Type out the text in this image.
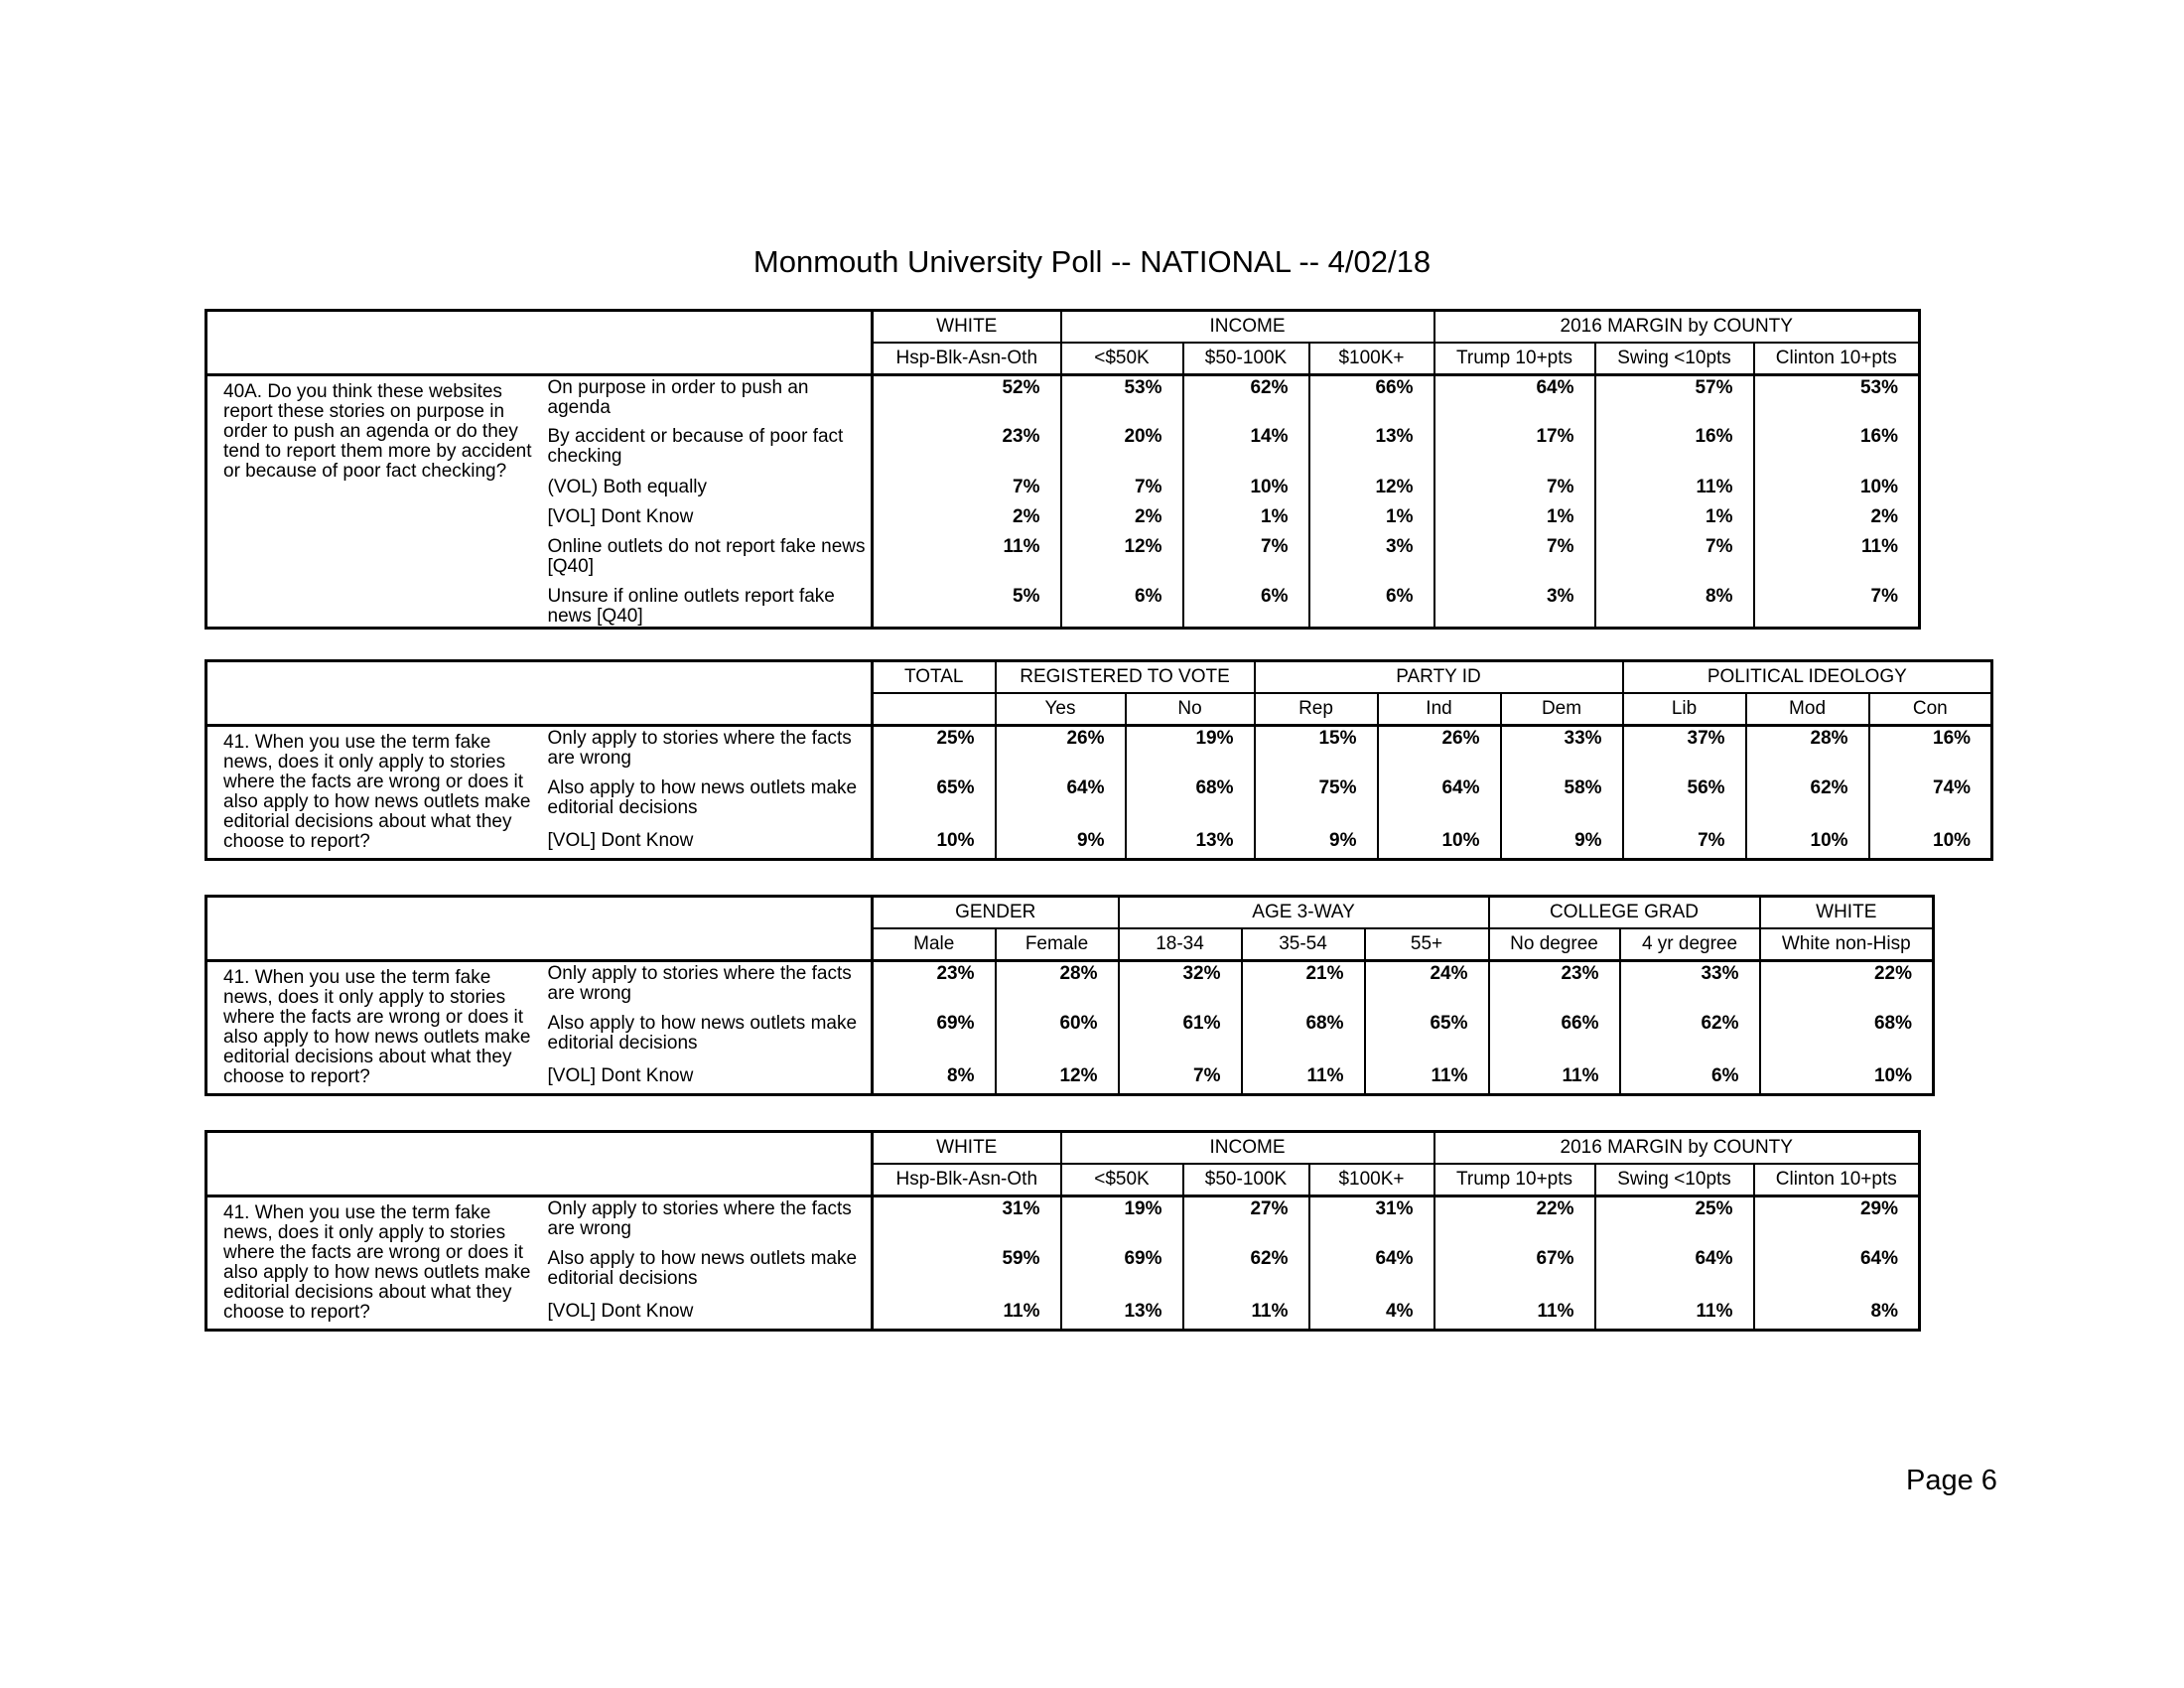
Monmouth University Poll -- NATIONAL -- 4/02/18
		WHITE	INCOME			2016 MARGIN by COUNTY		
		Hsp-Blk-Asn-Oth	<$50K	$50-100K	$100K+	Trump 10+pts	Swing <10pts	Clinton 10+pts
40A. Do you think these websites report these stories on purpose in order to push an agenda or do they tend to report them more by accident or because of poor fact checking?	On purpose in order to push an agenda	52%	53%	62%	66%	64%	57%	53%
	By accident or because of poor fact checking	23%	20%	14%	13%	17%	16%	16%
	(VOL) Both equally	7%	7%	10%	12%	7%	11%	10%
	[VOL] Dont Know	2%	2%	1%	1%	1%	1%	2%
	Online outlets do not report fake news [Q40]	11%	12%	7%	3%	7%	7%	11%
	Unsure if online outlets report fake news [Q40]	5%	6%	6%	6%	3%	8%	7%
		TOTAL	REGISTERED TO VOTE		PARTY ID			POLITICAL IDEOLOGY		
			Yes	No	Rep	Ind	Dem	Lib	Mod	Con
41. When you use the term fake news, does it only apply to stories where the facts are wrong or does it also apply to how news outlets make editorial decisions about what they choose to report?	Only apply to stories where the facts are wrong	25%	26%	19%	15%	26%	33%	37%	28%	16%
	Also apply to how news outlets make editorial decisions	65%	64%	68%	75%	64%	58%	56%	62%	74%
	[VOL] Dont Know	10%	9%	13%	9%	10%	9%	7%	10%	10%
		GENDER		AGE 3-WAY			COLLEGE GRAD		WHITE
		Male	Female	18-34	35-54	55+	No degree	4 yr degree	White non-Hisp
41. When you use the term fake news, does it only apply to stories where the facts are wrong or does it also apply to how news outlets make editorial decisions about what they choose to report?	Only apply to stories where the facts are wrong	23%	28%	32%	21%	24%	23%	33%	22%
	Also apply to how news outlets make editorial decisions	69%	60%	61%	68%	65%	66%	62%	68%
	[VOL] Dont Know	8%	12%	7%	11%	11%	11%	6%	10%
		WHITE	INCOME			2016 MARGIN by COUNTY		
		Hsp-Blk-Asn-Oth	<$50K	$50-100K	$100K+	Trump 10+pts	Swing <10pts	Clinton 10+pts
41. When you use the term fake news, does it only apply to stories where the facts are wrong or does it also apply to how news outlets make editorial decisions about what they choose to report?	Only apply to stories where the facts are wrong	31%	19%	27%	31%	22%	25%	29%
	Also apply to how news outlets make editorial decisions	59%	69%	62%	64%	67%	64%	64%
	[VOL] Dont Know	11%	13%	11%	4%	11%	11%	8%
Page 6
